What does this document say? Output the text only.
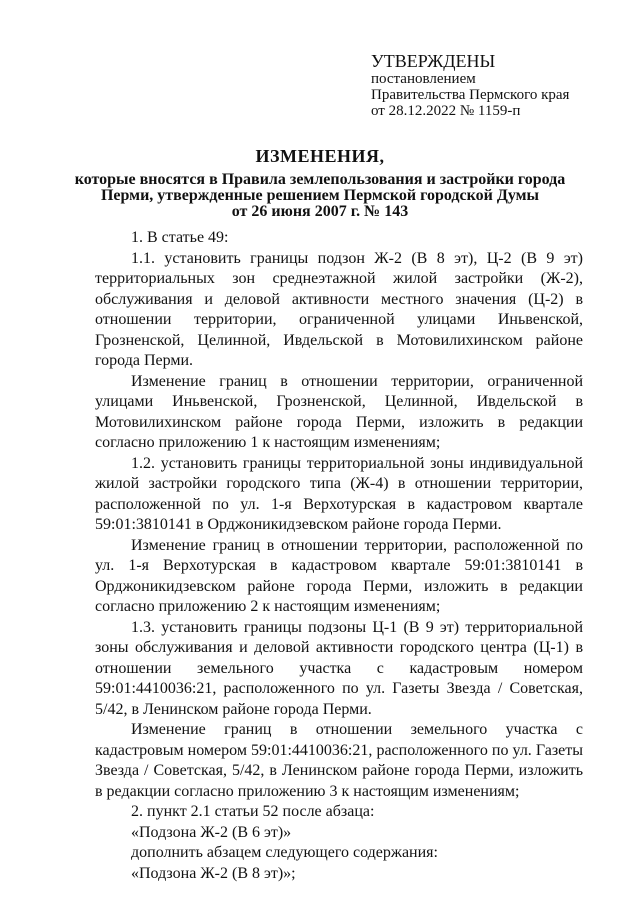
УТВЕРЖДЕНЫ
постановлением
Правительства Пермского края
от 28.12.2022 № 1159-п
ИЗМЕНЕНИЯ,
которые вносятся в Правила землепользования и застройки города
Перми, утвержденные решением Пермской городской Думы
от 26 июня 2007 г. № 143

1. В статье 49:

1.1. установить границы подзон Ж-2 (В 8 эт), Ц-2 (В 9 эт) территориальных зон среднеэтажной жилой застройки (Ж-2), обслуживания и деловой активности местного значения (Ц-2) в отношении территории, ограниченной улицами Иньвенской, Грозненской, Целинной, Ивдельской в Мотовилихинском районе города Перми.

Изменение границ в отношении территории, ограниченной улицами Иньвенской, Грозненской, Целинной, Ивдельской в Мотовилихинском районе города Перми, изложить в редакции согласно приложению 1 к настоящим изменениям;

1.2. установить границы территориальной зоны индивидуальной жилой застройки городского типа (Ж-4) в отношении территории, расположенной по ул. 1-я Верхотурская в кадастровом квартале 59:01:3810141 в Орджоникидзевском районе города Перми.

Изменение границ в отношении территории, расположенной по ул. 1-я Верхотурская в кадастровом квартале 59:01:3810141 в Орджоникидзевском районе города Перми, изложить в редакции согласно приложению 2 к настоящим изменениям;

1.3. установить границы подзоны Ц-1 (В 9 эт) территориальной зоны обслуживания и деловой активности городского центра (Ц-1) в отношении земельного участка с кадастровым номером 59:01:4410036:21, расположенного по ул. Газеты Звезда / Советская, 5/42, в Ленинском районе города Перми.

Изменение границ в отношении земельного участка с кадастровым номером 59:01:4410036:21, расположенного по ул. Газеты Звезда / Советская, 5/42, в Ленинском районе города Перми, изложить в редакции согласно приложению 3 к настоящим изменениям;

2. пункт 2.1 статьи 52 после абзаца:

«Подзона Ж-2 (В 6 эт)»

дополнить абзацем следующего содержания:

«Подзона Ж-2 (В 8 эт)»;
